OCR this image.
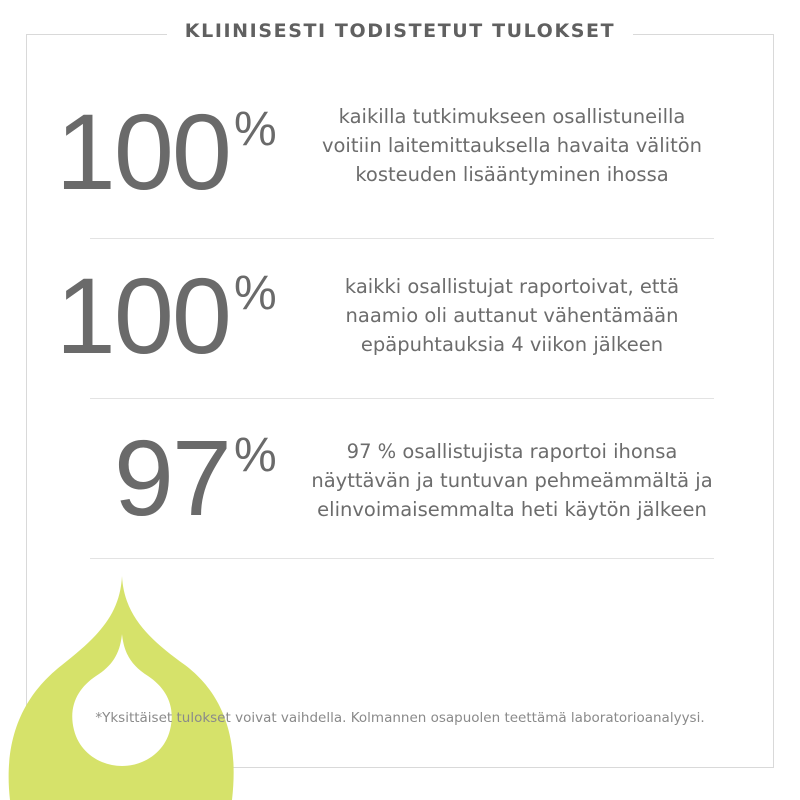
KLIINISESTI TODISTETUT TULOKSET
100 %	kaikilla tutkimukseen osallistuneilla
voitiin laitemittauksella havaita välitön
kosteuden lisääntyminen ihossa
100 %	kaikki osallistujat raportoivat, että
naamio oli auttanut vähentämään
epäpuhtauksia 4 viikon jälkeen
97 %	97 % osallistujista raportoi ihonsa
näyttävän ja tuntuvan pehmeämmältä ja
elinvoimaisemmalta heti käytön jälkeen
*Yksittäiset tulokset voivat vaihdella. Kolmannen osapuolen teettämä laboratorioanalyysi.
